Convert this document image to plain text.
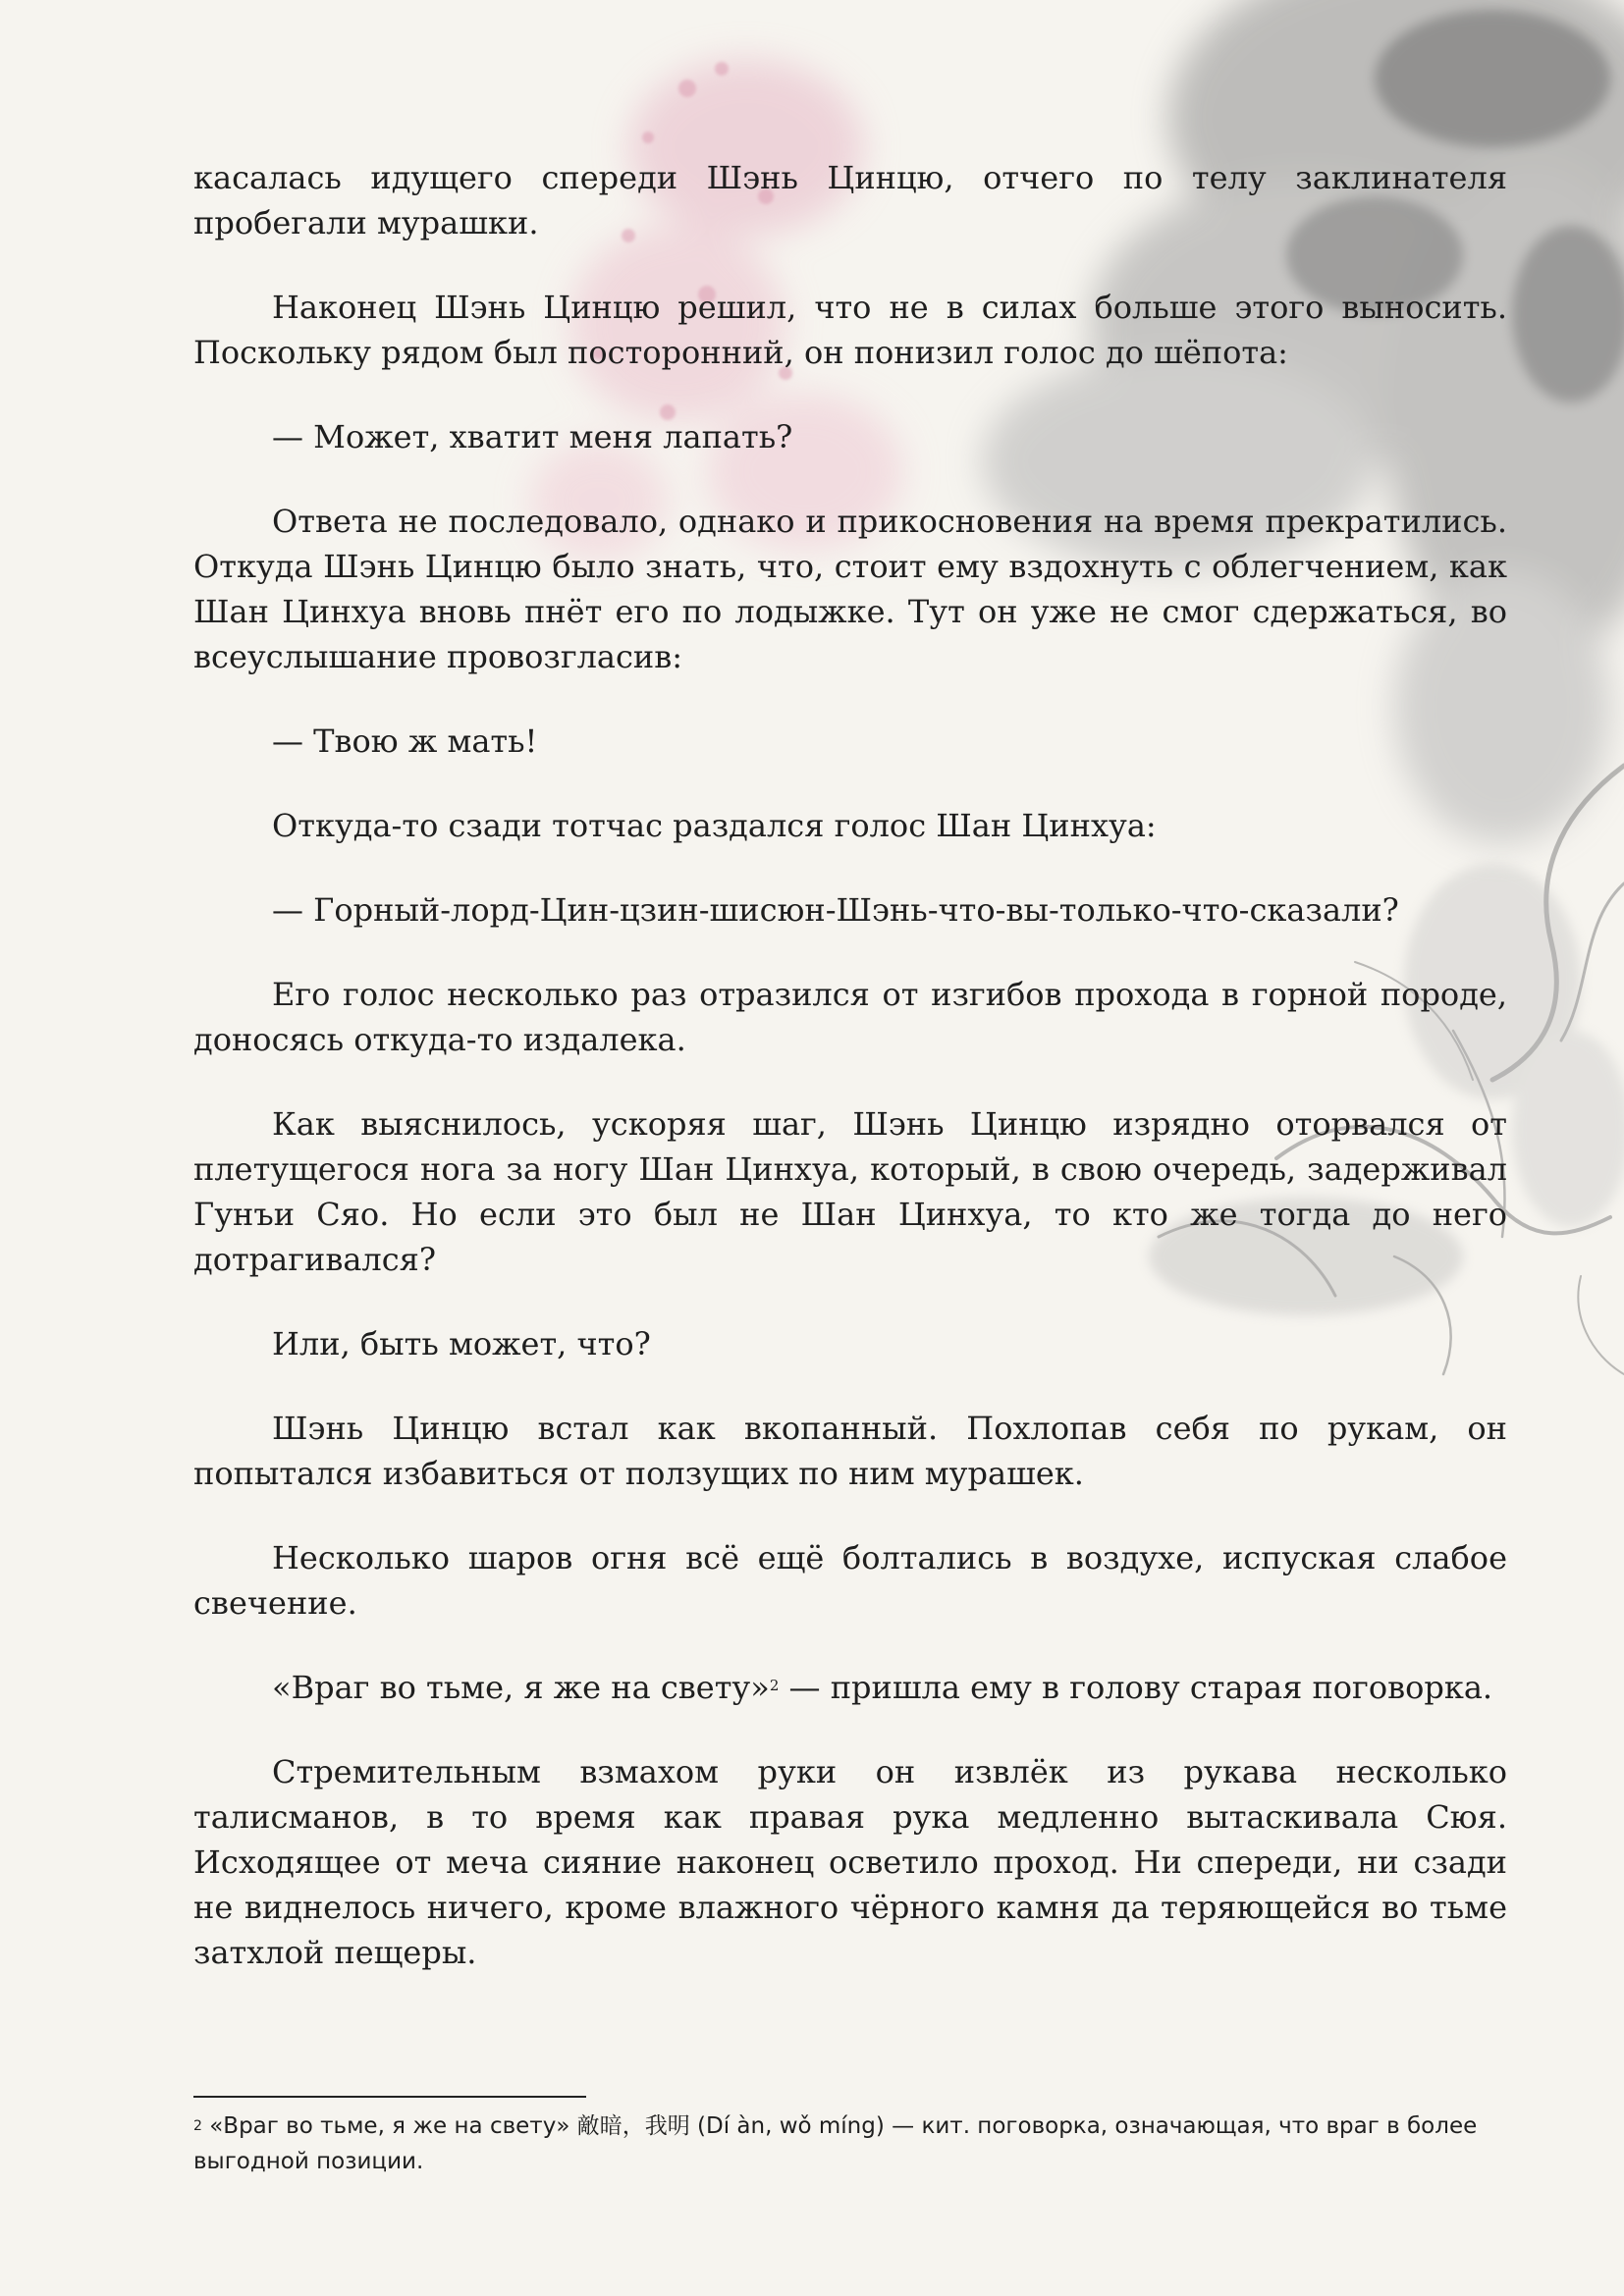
касалась идущего спереди Шэнь Цинцю, отчего по телу заклинателя пробегали мурашки.

Наконец Шэнь Цинцю решил, что не в силах больше этого выносить. Поскольку рядом был посторонний, он понизил голос до шёпота:

— Может, хватит меня лапать?

Ответа не последовало, однако и прикосновения на время прекратились. Откуда Шэнь Цинцю было знать, что, стоит ему вздохнуть с облегчением, как Шан Цинхуа вновь пнёт его по лодыжке. Тут он уже не смог сдержаться, во всеуслышание провозгласив:

— Твою ж мать!

Откуда-то сзади тотчас раздался голос Шан Цинхуа:

— Горный-лорд-Цин-цзин-шисюн-Шэнь-что-вы-только-что-сказали?

Его голос несколько раз отразился от изгибов прохода в горной породе, доносясь откуда-то издалека.

Как выяснилось, ускоряя шаг, Шэнь Цинцю изрядно оторвался от плетущегося нога за ногу Шан Цинхуа, который, в свою очередь, задерживал Гунъи Сяо. Но если это был не Шан Цинхуа, то кто же тогда до него дотрагивался?

Или, быть может, что?

Шэнь Цинцю встал как вкопанный. Похлопав себя по рукам, он попытался избавиться от ползущих по ним мурашек.

Несколько шаров огня всё ещё болтались в воздухе, испуская слабое свечение.

«Враг во тьме, я же на свету»$^2$ — пришла ему в голову старая поговорка.

Стремительным взмахом руки он извлёк из рукава несколько талисманов, в то время как правая рука медленно вытаскивала Сюя. Исходящее от меча сияние наконец осветило проход. Ни спереди, ни сзади не виднелось ничего, кроме влажного чёрного камня да теряющейся во тьме затхлой пещеры.

$^2$ «Враг во тьме, я же на свету» 敵暗，我明 (Dí àn, wǒ míng) — кит. поговорка, означающая, что враг в более выгодной позиции.
